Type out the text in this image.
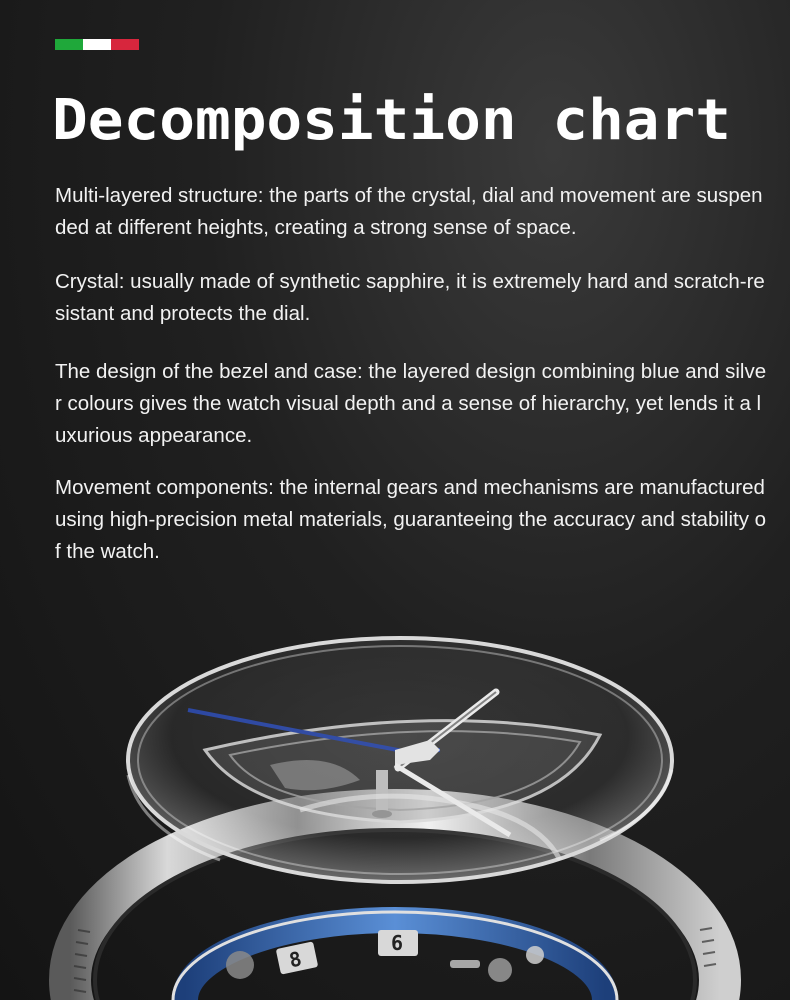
Decomposition chart

Multi-layered structure: the parts of the crystal, dial and movement are suspended at different heights, creating a strong sense of space.

Crystal: usually made of synthetic sapphire, it is extremely hard and scratch-resistant and protects the dial.

The design of the bezel and case: the layered design combining blue and silver colours gives the watch visual depth and a sense of hierarchy, yet lends it a luxurious appearance.

Movement components: the internal gears and mechanisms are manufactured using high-precision metal materials, guaranteeing the accuracy and stability of the watch.

8
6
